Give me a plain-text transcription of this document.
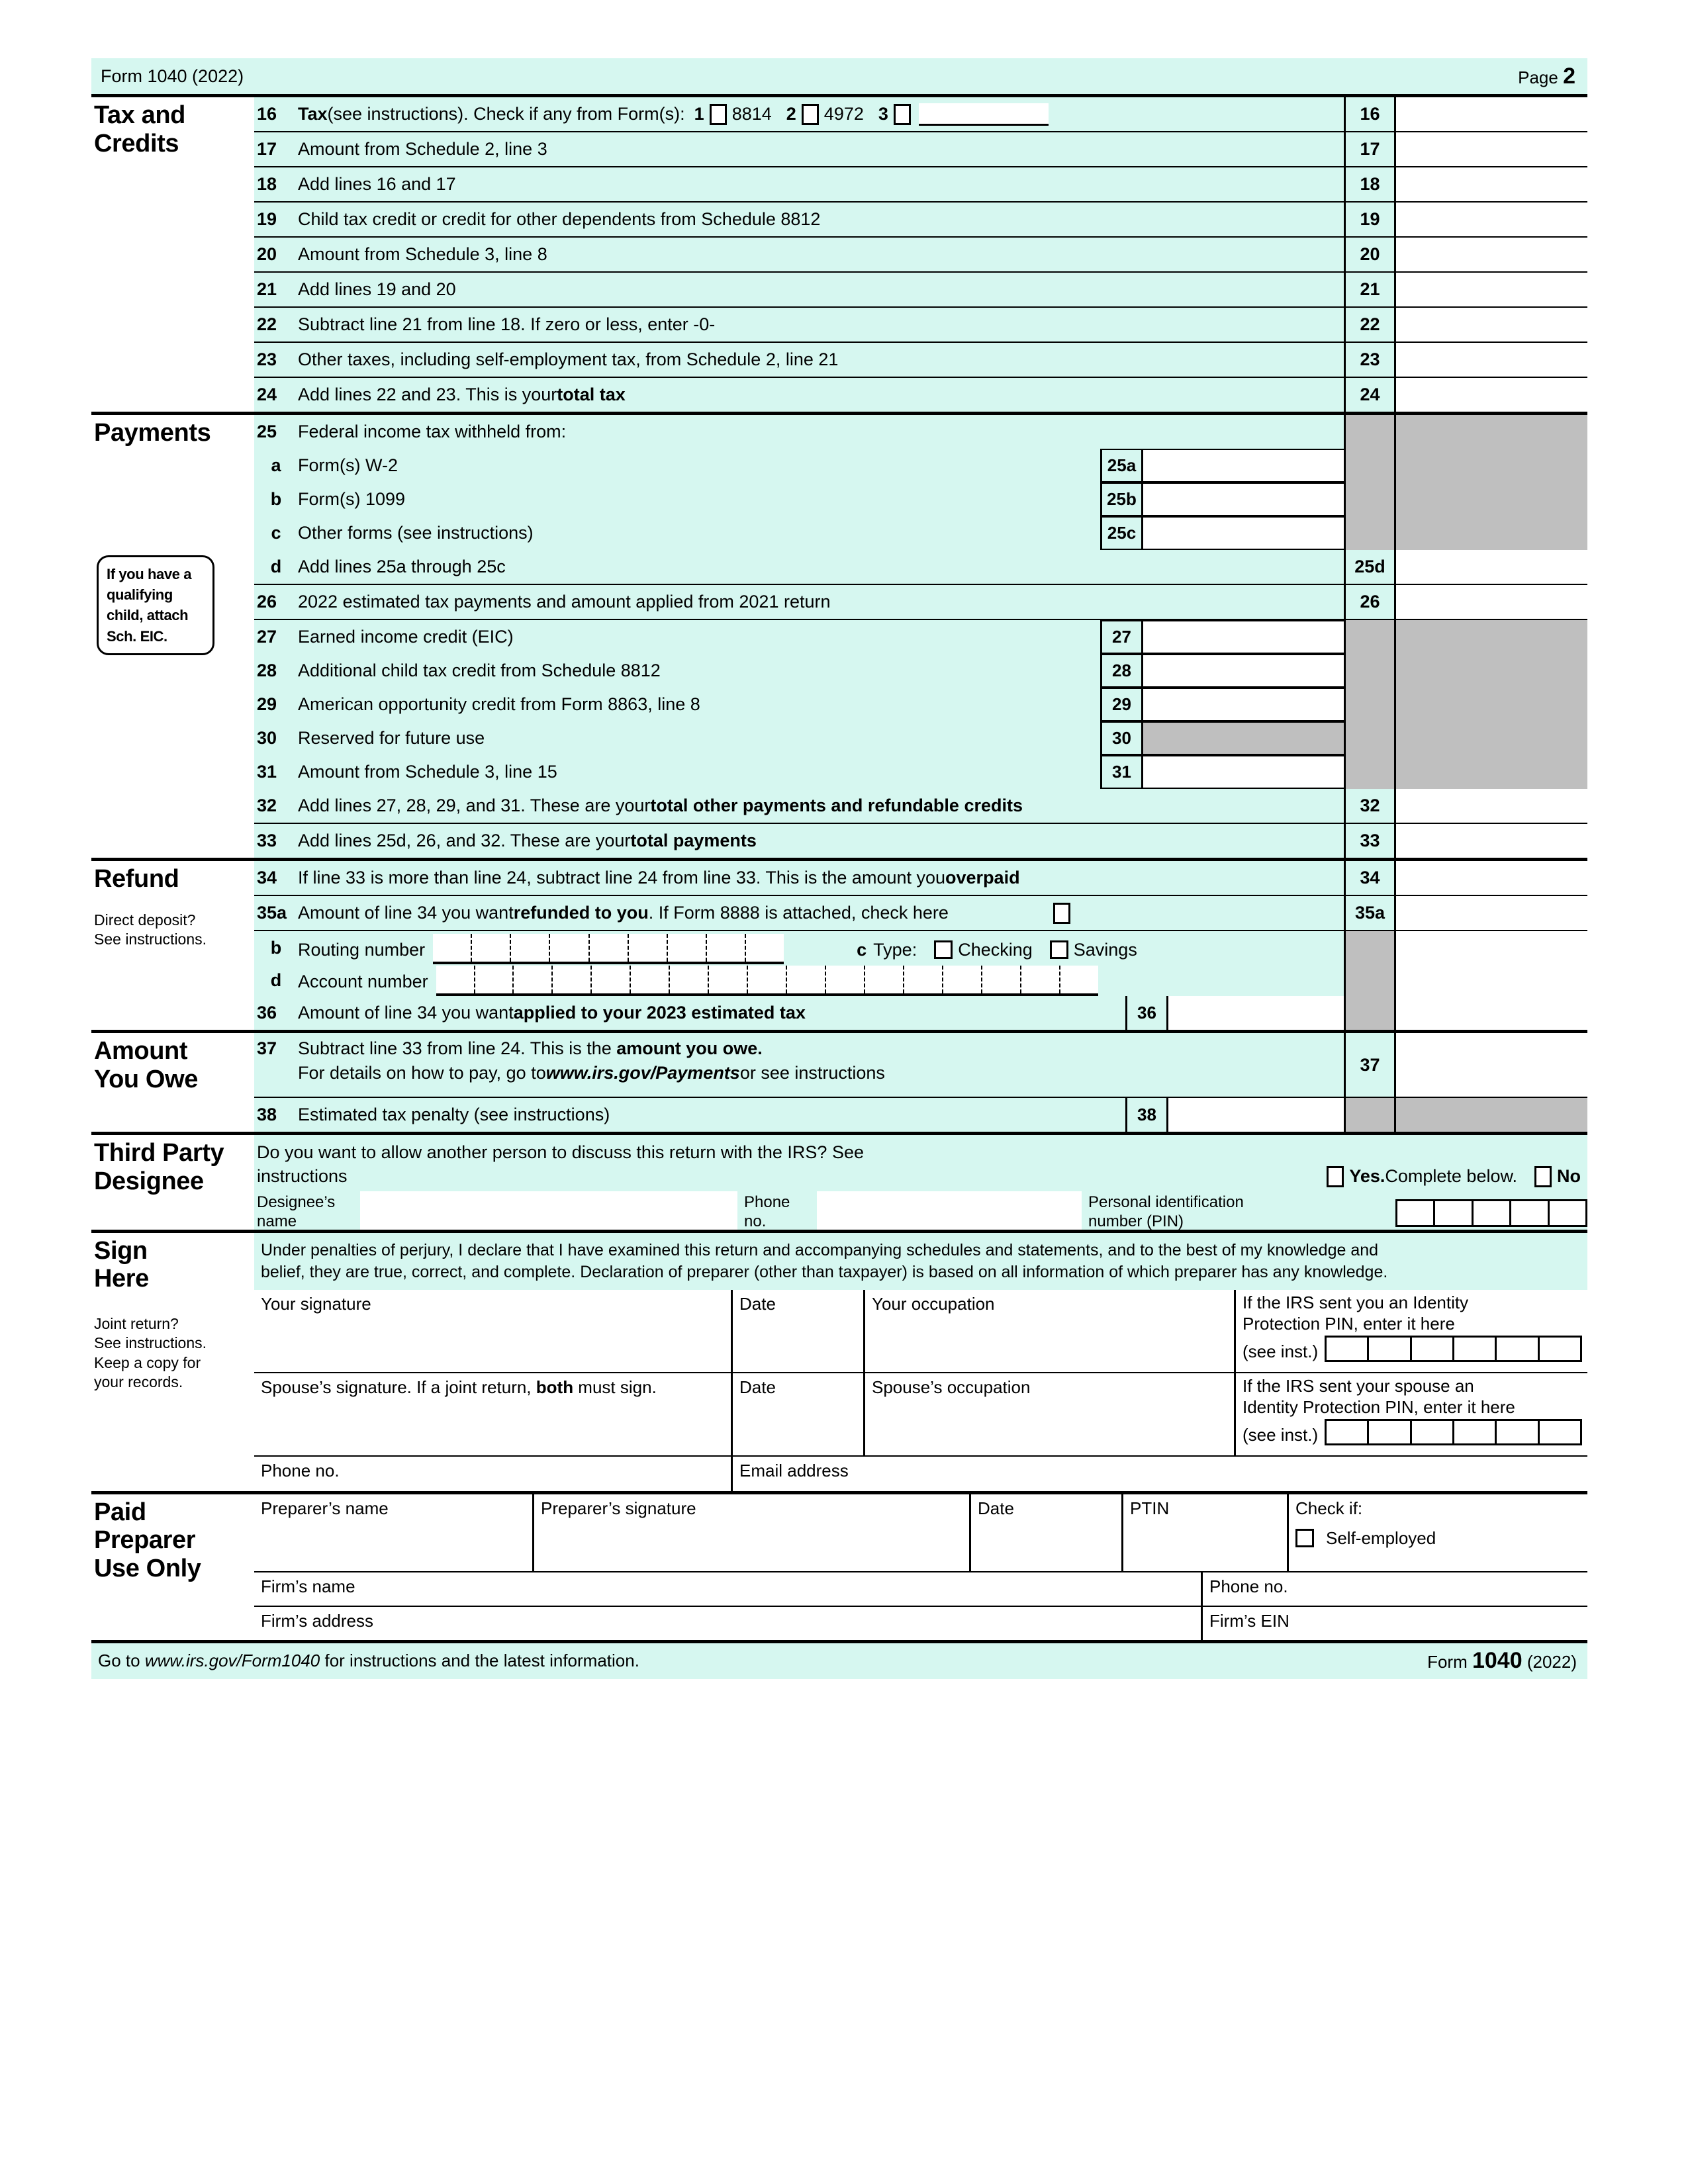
Form 1040 (2022)	Page 2
Tax and
Credits
16	Tax (see instructions). Check if any from Form(s): 1 8814 2 4972 3	16
17	Amount from Schedule 2, line 3	17
18	Add lines 16 and 17	18
19	Child tax credit or credit for other dependents from Schedule 8812	19
20	Amount from Schedule 3, line 8	20
21	Add lines 19 and 20	21
22	Subtract line 21 from line 18. If zero or less, enter -0-	22
23	Other taxes, including self-employment tax, from Schedule 2, line 21	23
24	Add lines 22 and 23. This is your total tax	24
Payments
If you have a qualifying child, attach Sch. EIC.
25	Federal income tax withheld from:
a Form(s) W-2	25a
b Form(s) 1099	25b
c Other forms (see instructions)	25c
d Add lines 25a through 25c	25d
26	2022 estimated tax payments and amount applied from 2021 return	26
27	Earned income credit (EIC)	27
28	Additional child tax credit from Schedule 8812	28
29	American opportunity credit from Form 8863, line 8	29
30	Reserved for future use	30
31	Amount from Schedule 3, line 15	31
32	Add lines 27, 28, 29, and 31. These are your total other payments and refundable credits	32
33	Add lines 25d, 26, and 32. These are your total payments	33
Refund
Direct deposit?
See instructions.
34	If line 33 is more than line 24, subtract line 24 from line 33. This is the amount you overpaid	34
35a Amount of line 34 you want refunded to you . If Form 8888 is attached, check here	35a
b Routing number	c Type: Checking Savings
d Account number
36	Amount of line 34 you want applied to your 2023 estimated tax	36
Amount
You Owe
37	Subtract line 33 from line 24. This is the amount you owe.
For details on how to pay, go to www.irs.gov/Payments or see instructions	37
38	Estimated tax penalty (see instructions)	38
Third Party
Designee
Do you want to allow another person to discuss this return with the IRS? See
instructions	Yes. Complete below. No
Designee’s
name
Phone
no.
Personal identification
number (PIN)
Sign
Here
Joint return?
See instructions.
Keep a copy for
your records.
Under penalties of perjury, I declare that I have examined this return and accompanying schedules and statements, and to the best of my knowledge and
belief, they are true, correct, and complete. Declaration of preparer (other than taxpayer) is based on all information of which preparer has any knowledge.
Your signature	Date	Your occupation	If the IRS sent you an Identity
Protection PIN, enter it here
(see inst.)
Spouse’s signature. If a joint return, both must sign.	Date	Spouse’s occupation	If the IRS sent your spouse an
Identity Protection PIN, enter it here
(see inst.)
Phone no.	Email address
Paid
Preparer
Use Only
Preparer’s name	Preparer’s signature	Date	PTIN	Check if:
Self-employed
Firm’s name	Phone no.
Firm’s address	Firm’s EIN
Go to www.irs.gov/Form1040 for instructions and the latest information.	Form 1040 (2022)
